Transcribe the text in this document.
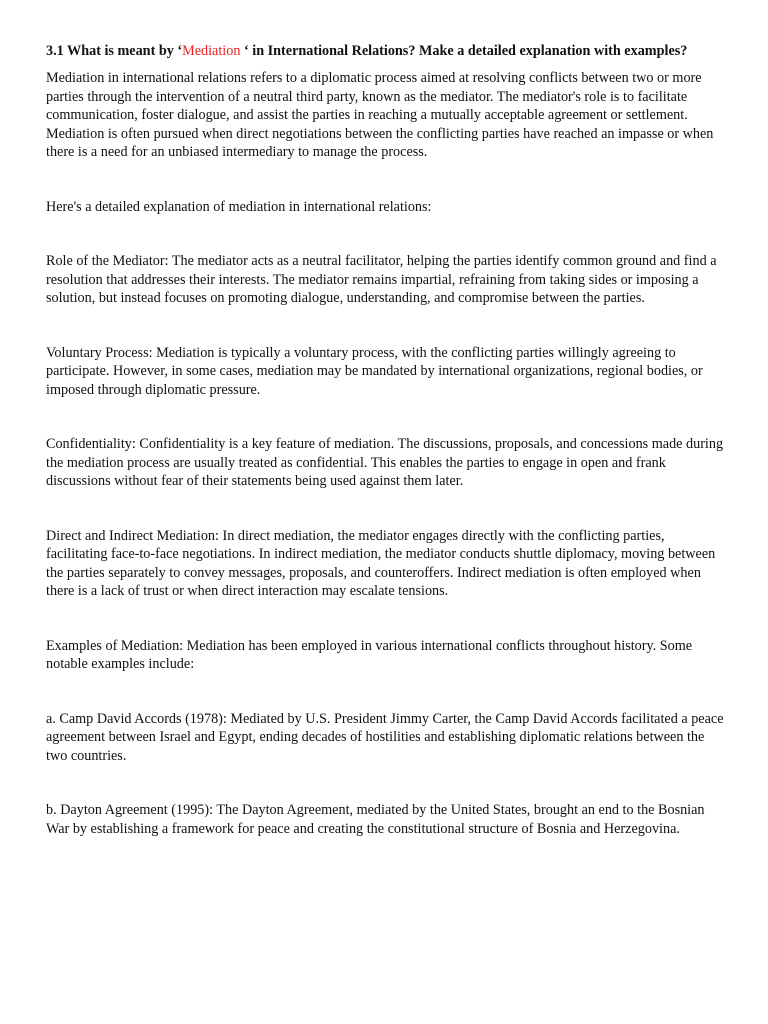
3.1 What is meant by ‘Mediation ‘ in International Relations? Make a detailed explanation with examples?

Mediation in international relations refers to a diplomatic process aimed at resolving conflicts between two or more parties through the intervention of a neutral third party, known as the mediator. The mediator's role is to facilitate communication, foster dialogue, and assist the parties in reaching a mutually acceptable agreement or settlement. Mediation is often pursued when direct negotiations between the conflicting parties have reached an impasse or when there is a need for an unbiased intermediary to manage the process.

Here's a detailed explanation of mediation in international relations:

Role of the Mediator: The mediator acts as a neutral facilitator, helping the parties identify common ground and find a resolution that addresses their interests. The mediator remains impartial, refraining from taking sides or imposing a solution, but instead focuses on promoting dialogue, understanding, and compromise between the parties.

Voluntary Process: Mediation is typically a voluntary process, with the conflicting parties willingly agreeing to participate. However, in some cases, mediation may be mandated by international organizations, regional bodies, or imposed through diplomatic pressure.

Confidentiality: Confidentiality is a key feature of mediation. The discussions, proposals, and concessions made during the mediation process are usually treated as confidential. This enables the parties to engage in open and frank discussions without fear of their statements being used against them later.

Direct and Indirect Mediation: In direct mediation, the mediator engages directly with the conflicting parties, facilitating face-to-face negotiations. In indirect mediation, the mediator conducts shuttle diplomacy, moving between the parties separately to convey messages, proposals, and counteroffers. Indirect mediation is often employed when there is a lack of trust or when direct interaction may escalate tensions.

Examples of Mediation: Mediation has been employed in various international conflicts throughout history. Some notable examples include:

a. Camp David Accords (1978): Mediated by U.S. President Jimmy Carter, the Camp David Accords facilitated a peace agreement between Israel and Egypt, ending decades of hostilities and establishing diplomatic relations between the two countries.

b. Dayton Agreement (1995): The Dayton Agreement, mediated by the United States, brought an end to the Bosnian War by establishing a framework for peace and creating the constitutional structure of Bosnia and Herzegovina.
